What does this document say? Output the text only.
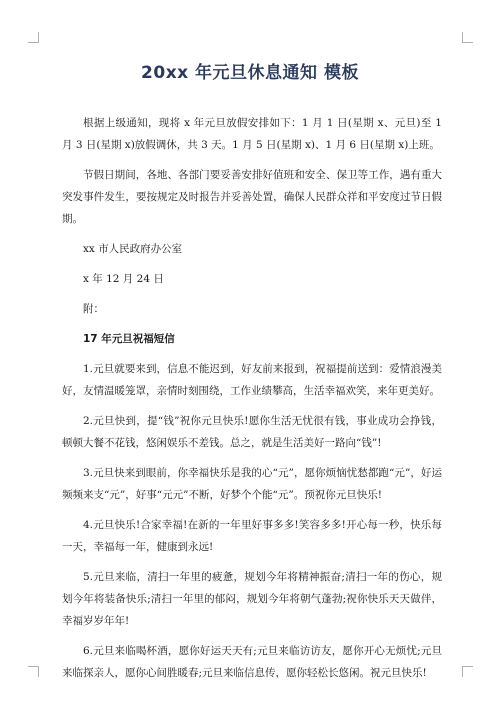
20xx 年元旦休息通知 模板

根据上级通知，现将 x 年元旦放假安排如下：1 月 1 日(星期 x、元旦)至 1 月 3 日(星期 x)放假调休，共 3 天。1 月 5 日(星期 x)、1 月 6 日(星期 x)上班。

节假日期间，各地、各部门要妥善安排好值班和安全、保卫等工作，遇有重大突发事件发生，要按规定及时报告并妥善处置，确保人民群众祥和平安度过节日假期。

xx 市人民政府办公室

x 年 12 月 24 日

附：

17 年元旦祝福短信

1.元旦就要来到，信息不能迟到，好友前来报到，祝福提前送到：爱情浪漫美好，友情温暖笼罩，亲情时刻围绕，工作业绩攀高，生活幸福欢笑，来年更美好。

2.元旦快到，提“钱”祝你元旦快乐!愿你生活无忧很有钱，事业成功会挣钱，顿顿大餐不花钱，悠闲娱乐不差钱。总之，就是生活美好一路向“钱”!

3.元旦快来到眼前，你幸福快乐是我的心“元”，愿你烦恼忧愁都跑“元”，好运频频来支“元”，好事“元元”不断，好梦个个能“元”。预祝你元旦快乐!

4.元旦快乐!合家幸福!在新的一年里好事多多!笑容多多!开心每一秒，快乐每一天，幸福每一年，健康到永远!

5.元旦来临，清扫一年里的疲惫，规划今年将精神振奋;清扫一年的伤心，规划今年将装备快乐;清扫一年里的郁闷，规划今年将朝气蓬勃;祝你快乐天天做伴，幸福岁岁年年!

6.元旦来临喝杯酒，愿你好运天天有;元旦来临访访友，愿你开心无烦忧;元旦来临探亲人，愿你心间胜暖春;元旦来临信息传，愿你轻松长悠闲。祝元旦快乐!
